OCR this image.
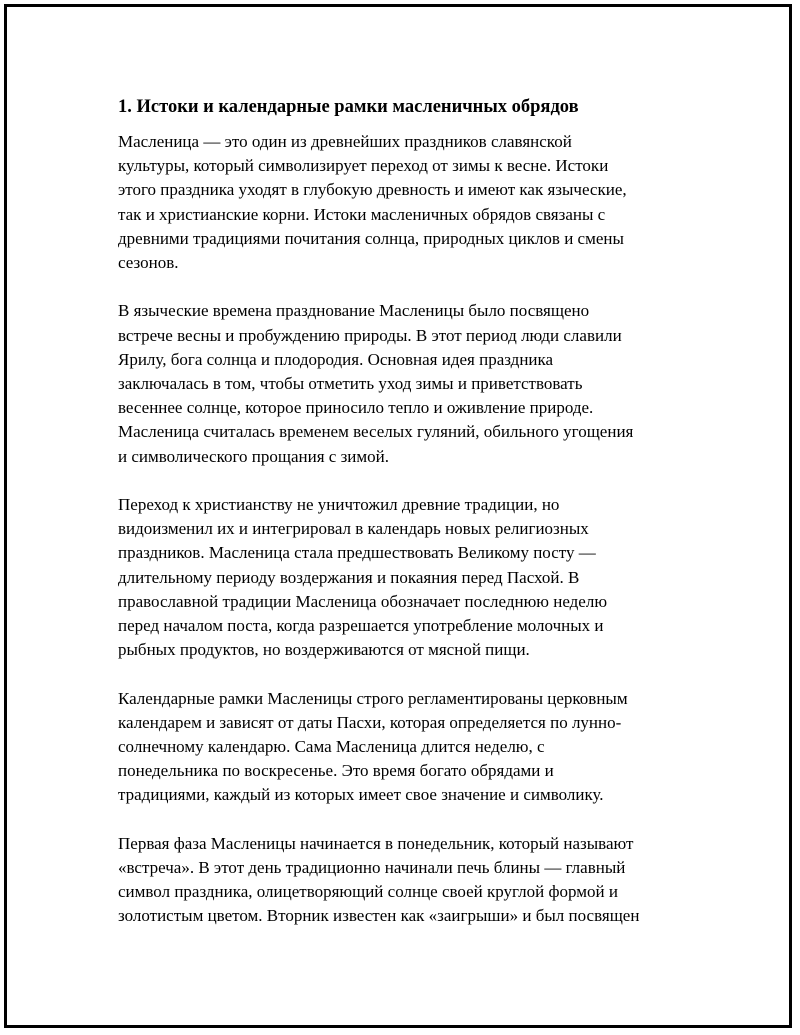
1. Истоки и календарные рамки масленичных обрядов
Масленица — это один из древнейших праздников славянской
культуры, который символизирует переход от зимы к весне. Истоки
этого праздника уходят в глубокую древность и имеют как языческие,
так и христианские корни. Истоки масленичных обрядов связаны с
древними традициями почитания солнца, природных циклов и смены
сезонов.
В языческие времена празднование Масленицы было посвящено
встрече весны и пробуждению природы. В этот период люди славили
Ярилу, бога солнца и плодородия. Основная идея праздника
заключалась в том, чтобы отметить уход зимы и приветствовать
весеннее солнце, которое приносило тепло и оживление природе.
Масленица считалась временем веселых гуляний, обильного угощения
и символического прощания с зимой.
Переход к христианству не уничтожил древние традиции, но
видоизменил их и интегрировал в календарь новых религиозных
праздников. Масленица стала предшествовать Великому посту —
длительному периоду воздержания и покаяния перед Пасхой. В
православной традиции Масленица обозначает последнюю неделю
перед началом поста, когда разрешается употребление молочных и
рыбных продуктов, но воздерживаются от мясной пищи.
Календарные рамки Масленицы строго регламентированы церковным
календарем и зависят от даты Пасхи, которая определяется по лунно-
солнечному календарю. Сама Масленица длится неделю, с
понедельника по воскресенье. Это время богато обрядами и
традициями, каждый из которых имеет свое значение и символику.
Первая фаза Масленицы начинается в понедельник, который называют
«встреча». В этот день традиционно начинали печь блины — главный
символ праздника, олицетворяющий солнце своей круглой формой и
золотистым цветом. Вторник известен как «заигрыши» и был посвящен
